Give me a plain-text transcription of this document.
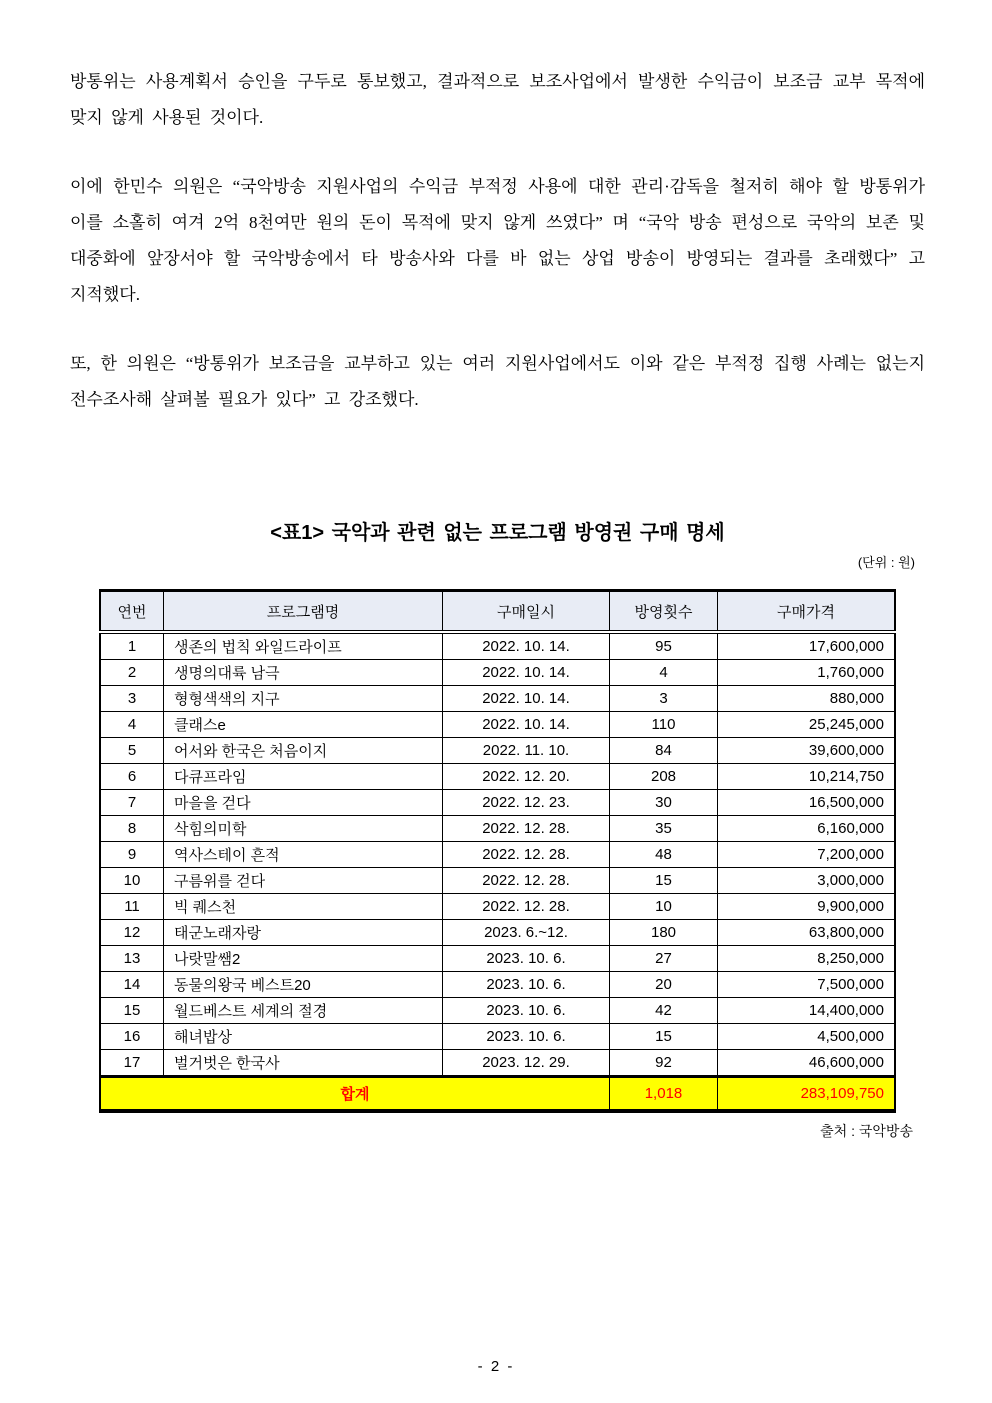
방통위는 사용계획서 승인을 구두로 통보했고, 결과적으로 보조사업에서 발생한 수익금이 보조금 교부 목적에 맞지 않게 사용된 것이다.

이에 한민수 의원은 “국악방송 지원사업의 수익금 부적정 사용에 대한 관리·감독을 철저히 해야 할 방통위가 이를 소홀히 여겨 2억 8천여만 원의 돈이 목적에 맞지 않게 쓰였다” 며 “국악 방송 편성으로 국악의 보존 및 대중화에 앞장서야 할 국악방송에서 타 방송사와 다를 바 없는 상업 방송이 방영되는 결과를 초래했다” 고 지적했다.

또, 한 의원은 “방통위가 보조금을 교부하고 있는 여러 지원사업에서도 이와 같은 부적정 집행 사례는 없는지 전수조사해 살펴볼 필요가 있다” 고 강조했다.

<표1> 국악과 관련 없는 프로그램 방영권 구매 명세
(단위 : 원)
연번	프로그램명	구매일시	방영횟수	구매가격
1	생존의 법칙 와일드라이프	2022. 10. 14.	95	17,600,000
2	생명의대륙 남극	2022. 10. 14.	4	1,760,000
3	형형색색의 지구	2022. 10. 14.	3	880,000
4	클래스e	2022. 10. 14.	110	25,245,000
5	어서와 한국은 처음이지	2022. 11. 10.	84	39,600,000
6	다큐프라임	2022. 12. 20.	208	10,214,750
7	마을을 걷다	2022. 12. 23.	30	16,500,000
8	삭힘의미학	2022. 12. 28.	35	6,160,000
9	역사스테이 흔적	2022. 12. 28.	48	7,200,000
10	구름위를 걷다	2022. 12. 28.	15	3,000,000
11	빅 퀘스천	2022. 12. 28.	10	9,900,000
12	태군노래자랑	2023. 6.~12.	180	63,800,000
13	나랏말쌤2	2023. 10. 6.	27	8,250,000
14	동물의왕국 베스트20	2023. 10. 6.	20	7,500,000
15	월드베스트 세계의 절경	2023. 10. 6.	42	14,400,000
16	해녀밥상	2023. 10. 6.	15	4,500,000
17	벌거벗은 한국사	2023. 12. 29.	92	46,600,000
합계			1,018	283,109,750
출처 : 국악방송
- 2 -
